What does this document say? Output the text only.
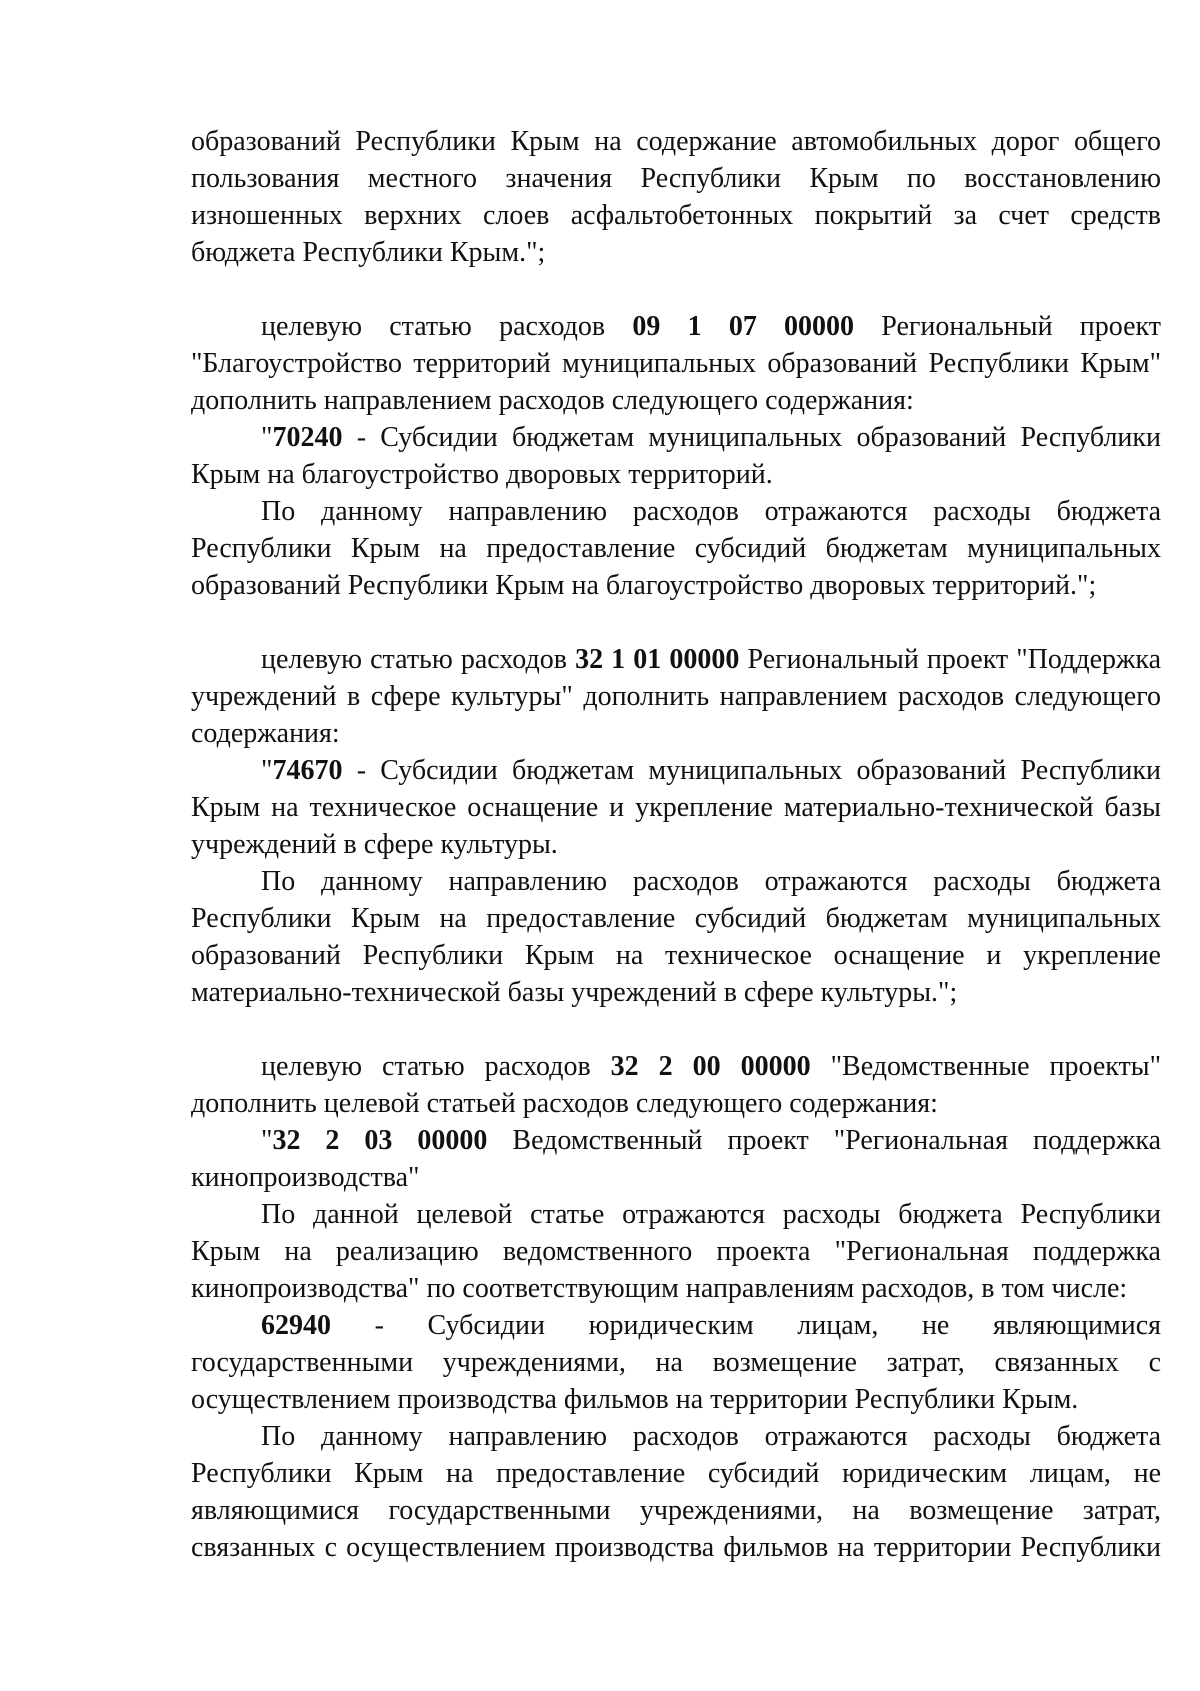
образований Республики Крым на содержание автомобильных дорог общего пользования местного значения Республики Крым по восстановлению изношенных верхних слоев асфальтобетонных покрытий за счет средств бюджета Республики Крым.";

целевую статью расходов 09 1 07 00000 Региональный проект "Благоустройство территорий муниципальных образований Республики Крым" дополнить направлением расходов следующего содержания:

"70240 - Субсидии бюджетам муниципальных образований Республики Крым на благоустройство дворовых территорий.

По данному направлению расходов отражаются расходы бюджета Республики Крым на предоставление субсидий бюджетам муниципальных образований Республики Крым на благоустройство дворовых территорий.";

целевую статью расходов 32 1 01 00000 Региональный проект "Поддержка учреждений в сфере культуры" дополнить направлением расходов следующего содержания:

"74670 - Субсидии бюджетам муниципальных образований Республики Крым на техническое оснащение и укрепление материально-технической базы учреждений в сфере культуры.

По данному направлению расходов отражаются расходы бюджета Республики Крым на предоставление субсидий бюджетам муниципальных образований Республики Крым на техническое оснащение и укрепление материально-технической базы учреждений в сфере культуры.";

целевую статью расходов 32 2 00 00000 "Ведомственные проекты" дополнить целевой статьей расходов следующего содержания:

"32 2 03 00000 Ведомственный проект "Региональная поддержка кинопроизводства"

По данной целевой статье отражаются расходы бюджета Республики Крым на реализацию ведомственного проекта "Региональная поддержка кинопроизводства" по соответствующим направлениям расходов, в том числе:

62940 - Субсидии юридическим лицам, не являющимися государственными учреждениями, на возмещение затрат, связанных с осуществлением производства фильмов на территории Республики Крым.

По данному направлению расходов отражаются расходы бюджета Республики Крым на предоставление субсидий юридическим лицам, не являющимися государственными учреждениями, на возмещение затрат, связанных с осуществлением производства фильмов на территории Республики
